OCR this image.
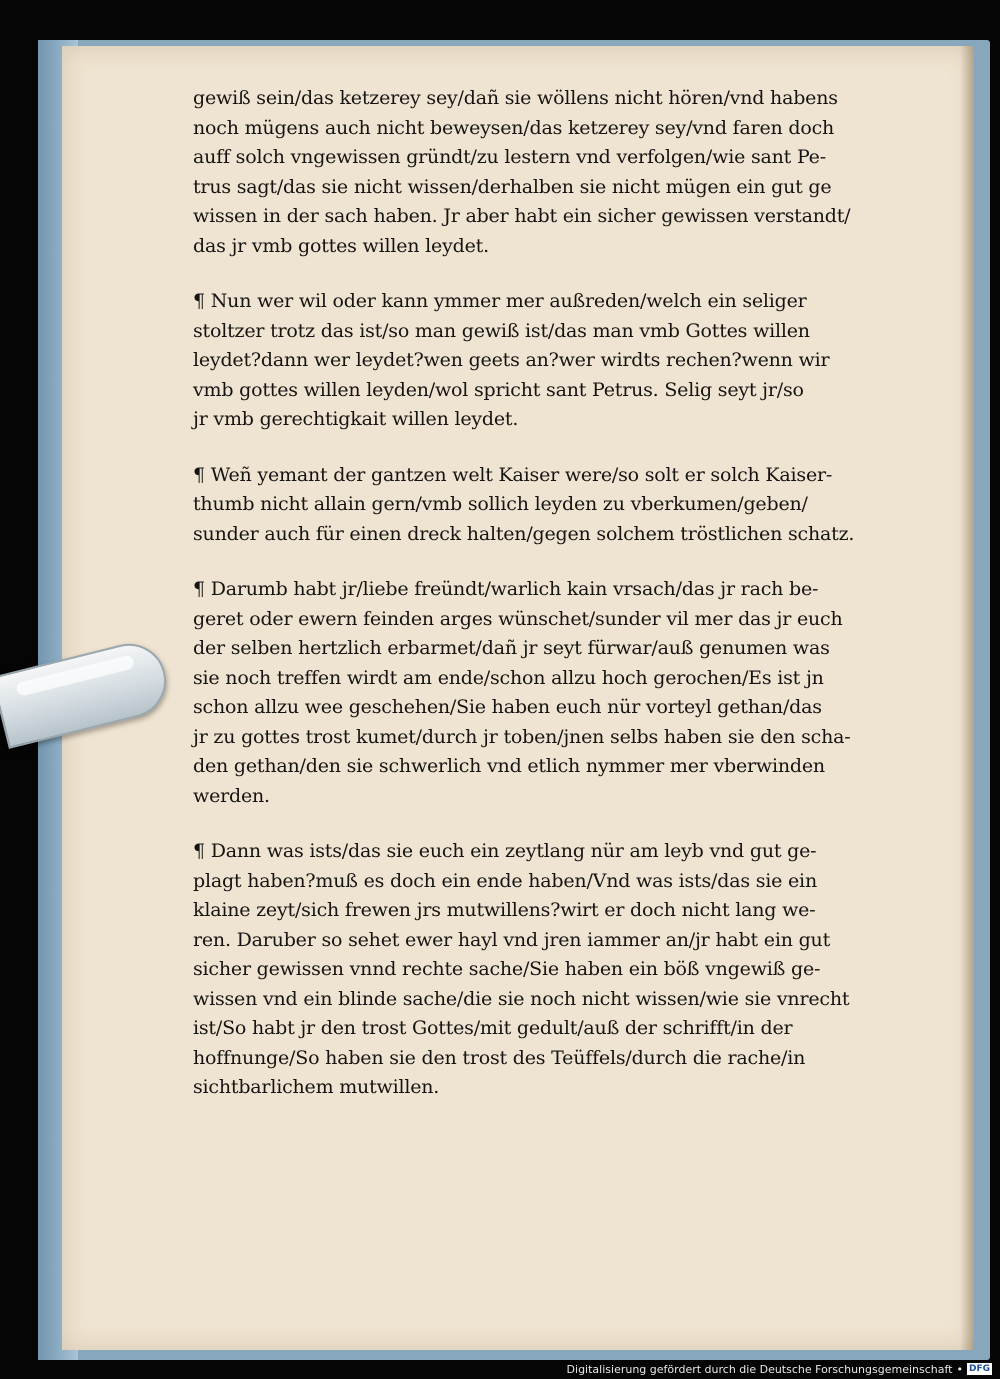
gewiß sein/das ketzerey sey/dañ sie wöllens nicht hören/vnd habens
noch mügens auch nicht beweysen/das ketzerey sey/vnd faren doch
auff solch vngewissen gründt/zu lestern vnd verfolgen/wie sant Pe‑
trus sagt/das sie nicht wissen/derhalben sie nicht mügen ein gut ge
wissen in der sach haben. Jr aber habt ein sicher gewissen verstandt/
das jr vmb gottes willen leydet.
¶ Nun wer wil oder kann ymmer mer außreden/welch ein seliger
stoltzer trotz das ist/so man gewiß ist/das man vmb Gottes willen
leydet?dann wer leydet?wen geets an?wer wirdts rechen?wenn wir
vmb gottes willen leyden/wol spricht sant Petrus. Selig seyt jr/so
jr vmb gerechtigkait willen leydet.
¶ Weñ yemant der gantzen welt Kaiser were/so solt er solch Kaiser‑
thumb nicht allain gern/vmb sollich leyden zu vberkumen/geben/
sunder auch für einen dreck halten/gegen solchem tröstlichen schatz.
¶ Darumb habt jr/liebe freündt/warlich kain vrsach/das jr rach be‑
geret oder ewern feinden arges wünschet/sunder vil mer das jr euch
der selben hertzlich erbarmet/dañ jr seyt fürwar/auß genumen was
sie noch treffen wirdt am ende/schon allzu hoch gerochen/Es ist jn
schon allzu wee geschehen/Sie haben euch nür vorteyl gethan/das
jr zu gottes trost kumet/durch jr toben/jnen selbs haben sie den scha‑
den gethan/den sie schwerlich vnd etlich nymmer mer vberwinden
werden.
¶ Dann was ists/das sie euch ein zeytlang nür am leyb vnd gut ge‑
plagt haben?muß es doch ein ende haben/Vnd was ists/das sie ein
klaine zeyt/sich frewen jrs mutwillens?wirt er doch nicht lang we‑
ren. Daruber so sehet ewer hayl vnd jren iammer an/jr habt ein gut
sicher gewissen vnnd rechte sache/Sie haben ein böß vngewiß ge‑
wissen vnd ein blinde sache/die sie noch nicht wissen/wie sie vnrecht
ist/So habt jr den trost Gottes/mit gedult/auß der schrifft/in der
hoffnunge/So haben sie den trost des Teüffels/durch die rache/in
sichtbarlichem mutwillen.
Digitalisierung gefördert durch die Deutsche Forschungsgemeinschaft • DFG
